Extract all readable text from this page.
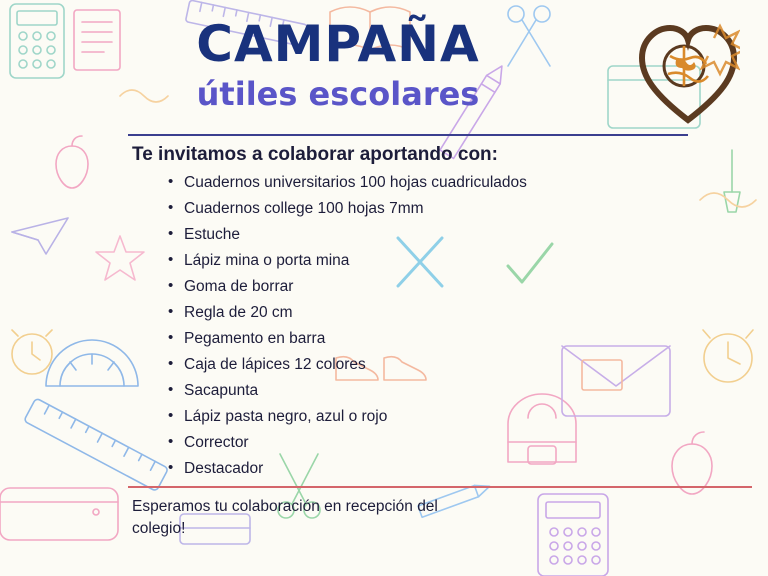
CAMPAÑA
útiles escolares
Te invitamos a colaborar aportando con:
• Cuadernos universitarios 100 hojas cuadriculados
• Cuadernos college 100 hojas 7mm
• Estuche
• Lápiz mina o porta mina
• Goma de borrar
• Regla de 20 cm
• Pegamento en barra
• Caja de lápices 12 colores
• Sacapunta
• Lápiz pasta negro, azul o rojo
• Corrector
• Destacador
Esperamos tu colaboración en recepción del colegio!
